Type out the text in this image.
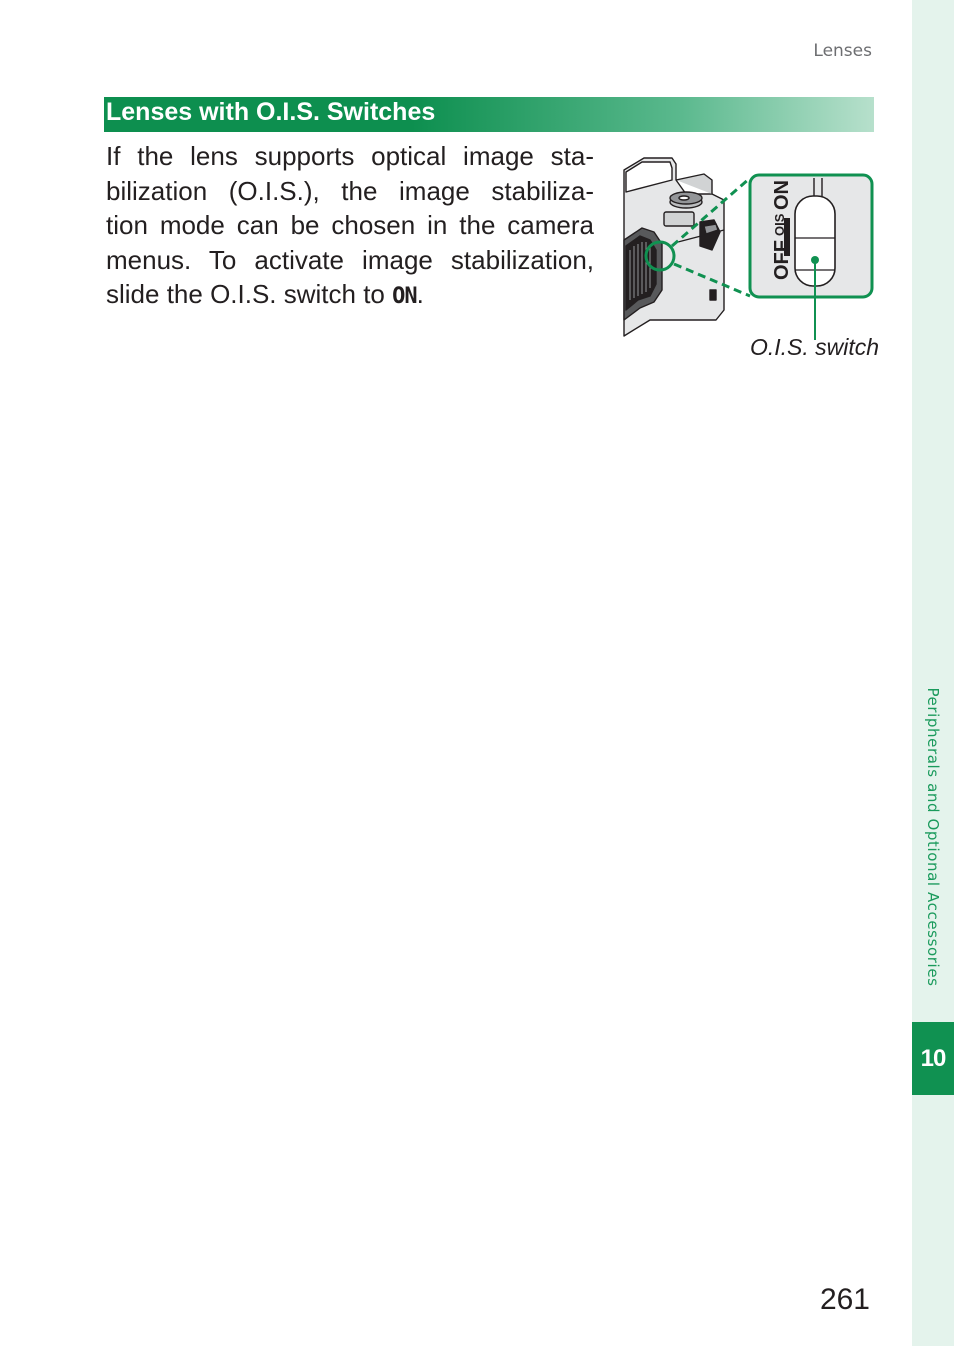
Peripherals and Optional Accessories
10
Lenses
Lenses with O.I.S. Switches

If the lens supports optical image sta-
bilization (O.I.S.), the image stabiliza-
tion mode can be chosen in the camera
menus. To activate image stabilization,
slide the O.I.S. switch to ON.

OFF
OIS
ON
O.I.S. switch
261
